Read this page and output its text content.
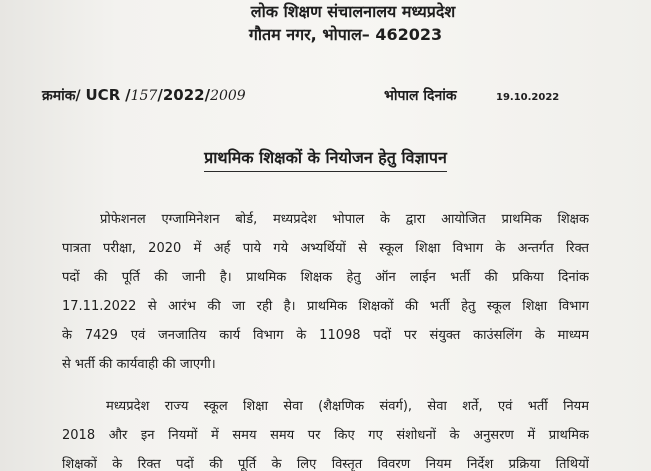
लोक शिक्षण संचालनालय मध्यप्रदेश
गौतम नगर, भोपाल– 462023
क्रमांक/ UCR /157/2022/2009	भोपाल दिनांक	19.10.2022
प्राथमिक शिक्षकों के नियोजन हेतु विज्ञापन
प्रोफेशनल एग्जामिनेशन बोर्ड, मध्यप्रदेश भोपाल के द्वारा आयोजित प्राथमिक शिक्षक
पात्रता परीक्षा, 2020 में अर्ह पाये गये अभ्यर्थियों से स्कूल शिक्षा विभाग के अन्तर्गत रिक्त
पदों की पूर्ति की जानी है। प्राथमिक शिक्षक हेतु ऑन लाईन भर्ती की प्रकिया दिनांक
17.11.2022 से आरंभ की जा रही है। प्राथमिक शिक्षकों की भर्ती हेतु स्कूल शिक्षा विभाग
के 7429 एवं जनजातिय कार्य विभाग के 11098 पदों पर संयुक्त काउंसलिंग के माध्यम
से भर्ती की कार्यवाही की जाएगी।
मध्यप्रदेश राज्य स्कूल शिक्षा सेवा (शैक्षणिक संवर्ग), सेवा शर्ते, एवं भर्ती नियम
2018 और इन नियमों में समय समय पर किए गए संशोधनों के अनुसरण में प्राथमिक
शिक्षकों के रिक्त पदों की पूर्ति के लिए विस्तृत विवरण नियम निर्देश प्रक्रिया तिथियों
